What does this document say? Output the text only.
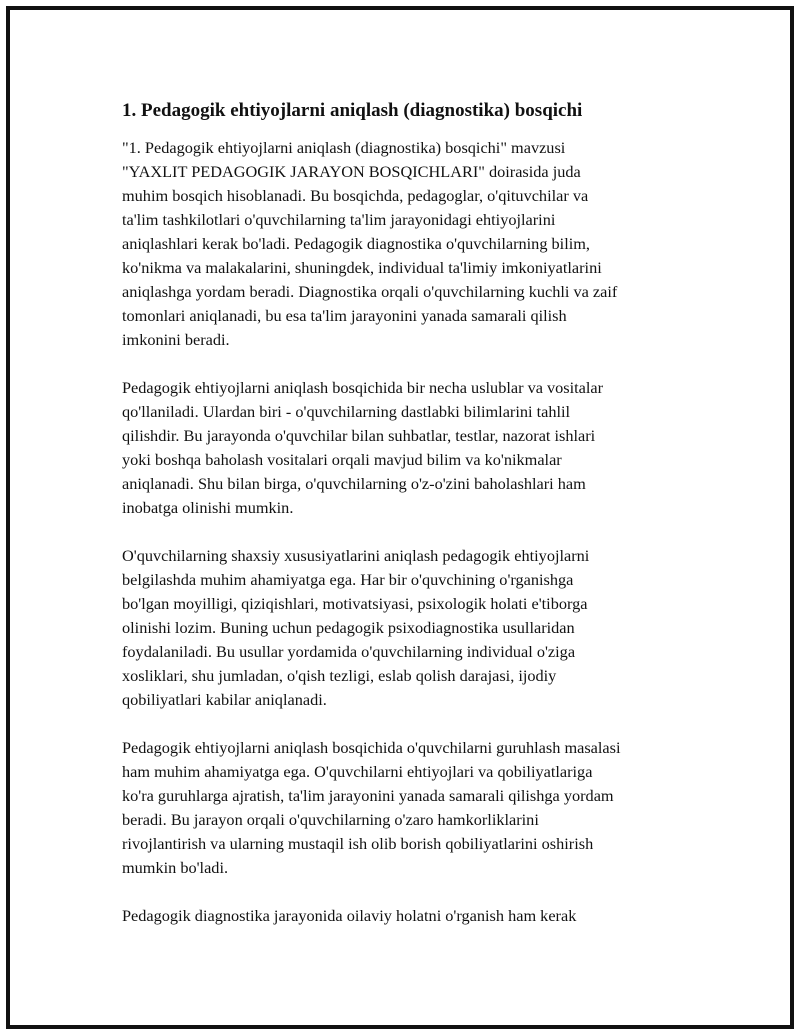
1. Pedagogik ehtiyojlarni aniqlash (diagnostika) bosqichi

"1. Pedagogik ehtiyojlarni aniqlash (diagnostika) bosqichi" mavzusi
"YAXLIT PEDAGOGIK JARAYON BOSQICHLARI" doirasida juda
muhim bosqich hisoblanadi. Bu bosqichda, pedagoglar, o'qituvchilar va
ta'lim tashkilotlari o'quvchilarning ta'lim jarayonidagi ehtiyojlarini
aniqlashlari kerak bo'ladi. Pedagogik diagnostika o'quvchilarning bilim,
ko'nikma va malakalarini, shuningdek, individual ta'limiy imkoniyatlarini
aniqlashga yordam beradi. Diagnostika orqali o'quvchilarning kuchli va zaif
tomonlari aniqlanadi, bu esa ta'lim jarayonini yanada samarali qilish
imkonini beradi.

Pedagogik ehtiyojlarni aniqlash bosqichida bir necha uslublar va vositalar
qo'llaniladi. Ulardan biri - o'quvchilarning dastlabki bilimlarini tahlil
qilishdir. Bu jarayonda o'quvchilar bilan suhbatlar, testlar, nazorat ishlari
yoki boshqa baholash vositalari orqali mavjud bilim va ko'nikmalar
aniqlanadi. Shu bilan birga, o'quvchilarning o'z-o'zini baholashlari ham
inobatga olinishi mumkin.

O'quvchilarning shaxsiy xususiyatlarini aniqlash pedagogik ehtiyojlarni
belgilashda muhim ahamiyatga ega. Har bir o'quvchining o'rganishga
bo'lgan moyilligi, qiziqishlari, motivatsiyasi, psixologik holati e'tiborga
olinishi lozim. Buning uchun pedagogik psixodiagnostika usullaridan
foydalaniladi. Bu usullar yordamida o'quvchilarning individual o'ziga
xosliklari, shu jumladan, o'qish tezligi, eslab qolish darajasi, ijodiy
qobiliyatlari kabilar aniqlanadi.

Pedagogik ehtiyojlarni aniqlash bosqichida o'quvchilarni guruhlash masalasi
ham muhim ahamiyatga ega. O'quvchilarni ehtiyojlari va qobiliyatlariga
ko'ra guruhlarga ajratish, ta'lim jarayonini yanada samarali qilishga yordam
beradi. Bu jarayon orqali o'quvchilarning o'zaro hamkorliklarini
rivojlantirish va ularning mustaqil ish olib borish qobiliyatlarini oshirish
mumkin bo'ladi.

Pedagogik diagnostika jarayonida oilaviy holatni o'rganish ham kerak
